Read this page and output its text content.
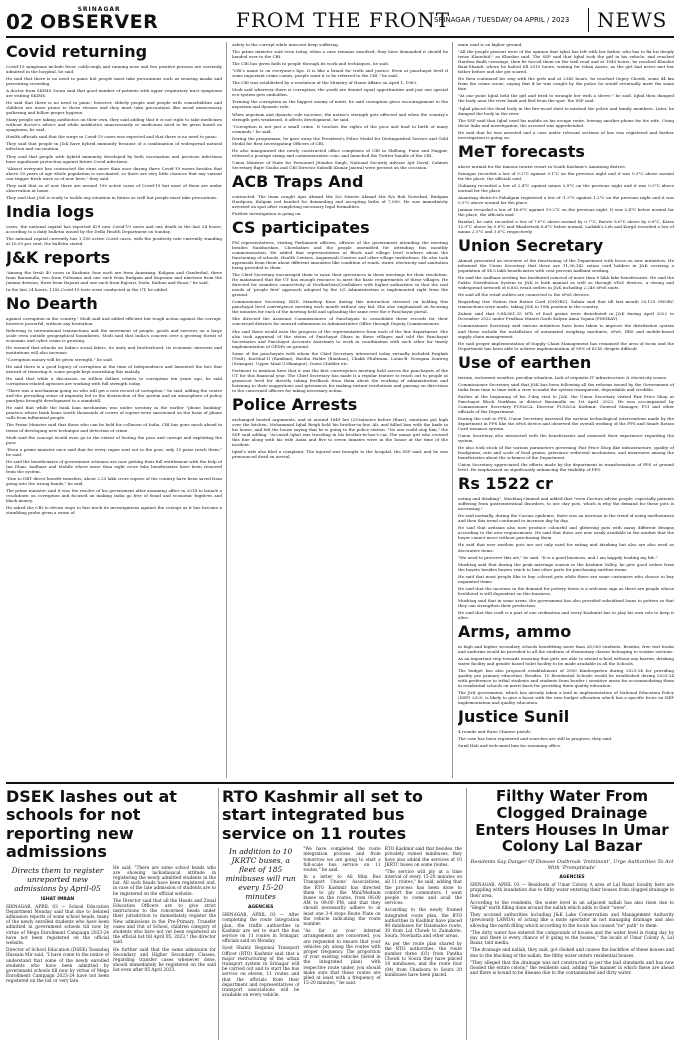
02
SRINAGAR
OBSERVER	FROM THE FRONT
SRINAGAR / TUESDAY/ 04 APRIL / 2023	NEWS
Covid returning

Covid-19 symptoms include fever, cold/cough and running nose and few positive persons are currently admitted in the hospital, he said.

He said that there is no need to panic but people must take precautions such as wearing masks and preventing crowding.

A doctor from SKIMS Soura said that good number of patients with upper respiratory tract symptoms are visiting SKIMS.

He said that there is no need to panic; however, elderly people and people with comorbidities and children are more prone to these viruses and they must take precautions like avoid unnecessary gathering and follow proper hygiene.

Many people are taking antibiotics on their own, they said adding that it is not right to take medicines without doctor's advice and while antibiotics unnecessarily or medicines need to be given based on symptoms, he said.

Health officials said that the surge in Covid-19 cases was expected and that there is no need to panic.

They said that people in J&K have hybrid immunity because of a combination of widespread natural infection and vaccination.

They said that people with hybrid immunity developed by both vaccination and previous infections have significant protection against future Covid infections.

"Almost everyone has contracted the virus more than once during three Covid-19 waves besides that above 18 years of age whole population is vaccinated, so there are very little chances that any variant can trigger fresh wave as of now here," they said.

They said that as of now there are around 190 active cases of Covid-19 but most of them are under observation at home.

They said that J&K is ready to tackle any situation in future as well but people must take precautions.

India logs

cases, the national capital has reported 429 new Covid-19 cases and one death in the last 24 hours, according to a daily bulletin issued by the Delhi Health Department on Sunday.

The national capital currently has 1,180 active Covid cases, with the positivity rate currently standing at 16.09 per cent, the bulletin stated.

J&K reports

"Among the fresh 40 cases in Kashmir, four each are from Anantnag, Kulgam and Ganderbal, three from Baramulla, two from Pulwama and one each from Budgam and Kupwara and nineteen from the Jammu division, three from Rajouri and one each from Rajouri, Doda, Kathua and Reasi," he said.

In the last 24 hours, 1185 Covid-19 tests were conducted in the UT, he added.

No Dearth

against corruption in the country," Modi said and added efficient but tough action against the corrupt, however powerful, without any hesitation.

Referring to international transactions and the movement of people, goods and services on a large scale even outside geographical boundaries, Modi said that India's concern over a growing threat of economic and cyber crime is growing.

He warned that attacks on India's social fabric, its unity and brotherhood, its economic interests and institutions will also increase.

"Corruption money will be given strength," he said.

He said there is a good legacy of corruption at the time of Independence and lamented the fact that instead of removing it, some people kept nourishing this malady.

He said that while a discussion on trillion dollars relates to corruption ten years ago, he said corruption-related agencies are working with full strength today.

"There was a mechanism going on who will get a new record of corruption," he said, adding the centre and the prevailing sense of impunity led to the destruction of the system and an atmosphere of policy paralysis brought development to a standstill.

He said that while the bank loan mechanism was under scrutiny in the earlier "phone banking" practice where bank loans worth thousands of crores of rupees were sanctioned on the basis of phone calls from influential people.

The Prime Minister said that those who can be held for collusion of India, CBI has gone much ahead in terms of developing new technique and detection of crime.

Modi said the concept would even go to the extent of looting the poor and corrupt and exploiting the poor.

"Even a prime minister once said that for every rupee sent out to the poor, only 15 paise reach them," he said.

He said the beneficiaries of government schemes are now getting their full entitlement with the help of Jan Dhan, Aadhaar and Mobile where more than eight crore fake beneficiaries have been removed from the system.

"Due to DBT direct benefit transfers, about 2.25 lakh crore rupees of the country have been saved from going into the wrong hands," he said.

The prime minister said it was the resolve of his government after assuming office in 2014 to launch a crackdown on corruption and focused on making India go free of fraud and economic fugitives and black money.

He asked the CBI to devise ways to fast track its investigations against the corrupt as it has become a stumbling probe given a sense of

safety to the corrupt while innocent keep suffering.

The prime minister said even today, when a case remains unsolved, they have demanded it should be handed over to the CBI.

The CBI has given faith to people through its work and techniques, he said.

"CBI's name is on everyone's lips. It is like a brand for truth and justice. Even at panchayat level if some important crime comes, people want it to be referred to the CBI," he said.

The CBI was established by a resolution of the Ministry of Home Affairs on April 1, 1963.

Modi said wherever there is corruption, the youth are denied equal opportunities and just one special eco-system gets embolden.

Terming the corruption as the biggest enemy of merit, he said corruption gives encouragement to the nepotism and dynastic rule.

When nepotism and dynastic rule increase, the nation's strength gets affected and when the country's strength gets weakened, it affects development, he said.

"Corruption is not just a small crime. It touches the rights of the poor and lead to birth of many criminals," he said.

During the programme, he gave away the President's Police Medal for Distinguished Service and Gold Medal for Best Investigating Officers of CBI.

He also inaugurated the newly constructed office complexes of CBI in Shillong, Pune and Nagpur, released a postage stamp and commemorative coin, and launched the Twitter handle of the CBI.

Union Minister of State for Personnel Jitendra Singh, National Security Advisor Ajit Doval, Cabinet Secretary Rajiv Gauba and CBI Director Subodh Kumar Jaiswal were present on the occasion.

ACB Traps And

contracted. The team caught Ajaz Ahmad Mir S/o Nazeer Ahmad Mir R/o Boh Nowshad, Budgam Hardpora, Kulgam red handed for demanding and accepting bribe of 7,000. He was immediately arrested on spot after completing necessary legal formalities.

Further investigation is going on.

CS participates

PM representatives, visiting Parliament officers, officers of the government attending the meeting besides Nambardars, Chowkidars and the people assembled for attending this monthly commemoration. He added that representatives at Block and village level workers about the functioning of schools, Health Centres, Anganwadi Centres and other village institutions. He also took appraisals from them about different amenities like condition of roads, water, electricity and sanitation being provided to them.

The Chief Secretary encouraged them to raise their grievances in these meetings for their resolution. He maintained that the UT has enough resource to meet the basic requirements of these villages. He directed for seamless connectivity of Northerlists/Cowllakers with higher authorities so that the real needs of 'people first' approach adopted by the LG Administration is implemented right from the ground.

Commissioner Secretary, RDD, Mandeep Kaur during this interaction stressed on holding this panchayat level convergence meeting each month without any fail. She also emphasised on focusing the minutes for each of the meeting held and uploading the same over the e-Panchayat portal.

She directed the Assistant Commissioners of Panchayats to consolidate these records for their concerned districts for onward submission to Administrative Office through Deputy Commissioners.

She said these would ease the progress of the representatives from each of the line department. She also took appraisal of the status of Panchayat Ghars in these villages and told the Panchayat Secretaries and Panchayat Accounts Assistants to work in coordination with each other for timely implementation of GPDPs on ground.

Some of the panchayats with whom the Chief Secretary interacted today virtually included Panjkah (Trali), Kuchhal-II (Ramban), Bastha Haldri (Ramban), Chakh Phulwaan, Lotan-B, Nowgam Sontreg (Srinagar), Upper Maal (Udhampur), Dawa Chidder etc.

Pertinent to mention here that it was the first convergence meeting held across the panchayats of the UT for this financial year. The Chief Secretary has made it a regular feature to reach out to people at grassroot level for directly taking feedback from them about the working of administration and listening to their suggestions and grievances for making instant resolutions and passing on directions to the concerned officers for taking necessary action.

Police Arrests

exchanged heated arguments, and at around 1849 hrs (23-minutes before Iftaar), emotions got high over the kitchen, Mohammad Iqbal Beigh held his brother-in-law, Ali, and killed him with the knife in his house, and left the house saying that he is going to the police station. "No one could stop him," the SSP said adding, "Accused Iqbal was traveling in his brother-in-law's car. The minor girl who crossed this line along with his wife Aziza and five to seven inmates were in the house at the time of the incident.

Iqbal's wife also filed a complaint. The injured was brought to the hospital, the SSP said, and he was pronounced dead on arrival.

main road is on higher ground.

"All the people present were of the opinion that Iqbal has left with her father, who has to fix his deeply tense Khurshid," as Khushie said. The SSP said that Iqbal took the girl in his vehicle, and reached Hardwa Budh crossings, then he forced them on the trail road and at 1945 hours, he reached Khushie Bani-Shandi, where he halted till 2010 hours, waiting for Ishan Anees, as the girl had never met her father before and she got scared.

He then continued his way with the girls and at 2340 hours, he reached Oopey Chowk, some 44 km from the crime scene, saying that if he was caught by the police he would eventually meet the same fate.

"At one point Iqbal held the girl and tried to strangle her with a sleeve," he said. Iqbal then dumped the body near the river bank and fled from the spot, the SSP said.

"Iqbal placed the dead body in the fire-wood shed to mislead the police and family members. Later, he dumped the body in the river.

The SSP said that Iqbal used his mobile as his escape route, leaving another phone for his wife. Using these links and investigation, the accused was apprehended.

He said that he was arrested and a case under relevant sections of law was registered and further investigation is going on.

MeT forecasts

above normal for the famous tourist resort in South Kashmir's Anantnag district.

Srinagar recorded a low of 5.2°C against 5.1°C on the previous night and it was 0.3°C above normal for the place, the officials said.

Gulmarg recorded a low of 2.4°C against minus 3.8°C on the previous night and it was 0.5°C above normal for the place.

Anantnag district's Pahalgam registered a low of -1.3°C against 1.2°C on the previous night and it was 0.5°C above normal for the place.

Jammu recorded a low of 16.6°C against 19.2°C on the previous night. It was 0.4°C below normal for the place, the officials said.

Banihal, he said, recorded a low of 7.8°C above normal by 0.7°C, Batote 8.6°C above by 0.8°C, Katra 12.9°C above by 0.8°C and Bhaderwah 6.6°C below normal, Ladakh's Leh and Kargil recorded a low of minus 2.5°C and 3.6°C respectively.

Union Secretary

Ahmad presented an overview of the functioning of the Department with focus on new initiatives. He informed the Union Secretary that there are 11,06,142 ration card holders in J&K covering a population of 94.5 lakh beneficiaries with cent percent Aadhaar seeding.

He said the Aadhaar seeding has facilitated removal of more than 8 lakh fake beneficiaries. He said the Public Distribution System in J&K is both manual as well as through ePoS devices, a strong and widespread network of 6,802 retail outlets in J&K including 2,240 ePoS units.

He said all the retail outlets are connected to the ePoS devices.

Regarding One Nation One Ration Card (ONORC), Zubair said that till last month 20,125 ONORC transactions were made, taking J&K to 10th position in the country.

Zubair said that 9,84,861.35 MTs of food grains were distributed in J&K during April 2022 to December 2022 under Pradhan Mantri Garib Kalyan Anna Yojana (PMGKAY).

Commissioner Secretary said various initiatives have been taken to improve the distribution system and these include the installation of automated weighing machines, ePoS, IRIS and mobile-based supply chain management.

He said proper implementation of Supply Chain Management has remained the area of focus and the Department has been able to achieve implementation of 90% of SCM, despite difficult

Use of earthen

terrain, inclement weather, peculiar situation, lack of requisite IT infrastructure & electricity issues.

Commissioner Secretary said that J&K has been following all the reforms issued by the Government of India from time to time with a view to make the system transparent, dependable and credible.

Earlier at the beginning of his 3-day visit to J&K, the Union Secretary visited Fair Price Shop at Panchayat Block Nurkhan in district Baramulla on 1st April, 2023. He was accompanied by Commissioner Secretary FCS&CA, Director FCS&CA Kashmir, General Manager, FCI and other officials of the Department.

During the visit to FPS, Union Secretary assessed the various technological interventions made by the department in FPS like the ePoS device and observed the overall working of the FPS and Smart Ration Card issuance system.

Union Secretary also interacted with the beneficiaries and assessed their experience regarding the system.

He also took stock of the various parameters governing Fair Price Shop like infrastructure, quality of foodgrains, rate and scale of food grains, grievance redressal mechanism, and awareness among the beneficiaries about the schemes of the Department.

Union Secretary appreciated the efforts made by the department in transformation of FPS at ground level. He emphasized on significantly enhancing the visibility of FPS.

Rs 1522 cr

eating and drinking", Mushtaq claimed and added that "even Doctors advise people, especially patients suffering from gastrointestinal disorders, to use clay pots, which is why the demand for these pots is increasing."

He said normally, during the Corona epidemic, there was an increase in the trend of using earthenware and then this trend continued to increase day by day.

He said that artisans also now produce colourful and glittering pots with many different designs according to the new requirements. He said that these are now easily available in the market that the buyer cannot move without purchasing them.

He said that new earthen pots are not only used for eating and drinking but also are also used as decorative items.

"We need to preserve this art," he said. "It is a good business, and I am happily leading my life."

Mushtaq said that during the peak marriage season in the Kashmir Valley, he gets good orders from the buyers besides buyers reach to him other parts for purchasing earthen items.

He said that most people like to buy colored pots while there are some customers who choose to buy unpainted items.

He said that the increase in the demand for pottery items is a welcome sign as there are people whose livelihood is still dependent on this business.

Mushtaq said that in some areas, the government has also provided subsidised loans to potters so that they can strengthen their production.

He said that this craft is a part of our civilization and every Kashmiri has to play his own role to keep it alive.

Arms, ammo

in high and higher secondary schools benefitting more than 26,000 students. Besides, free text books and uniforms would be provided to all the students of elementary classes belonging to weaker sections.

As an important step towards ensuring that girls are able to attend school without any barrier, drinking water facility and gender based toilet facility to be made available in all the Schools.

The budget has also proposed establishment of 2000 Kindergarten during 2023-24 for providing quality pre primary education. Besides, 10 Residential Schools would be established during 2023-24 with preference to tribal students and students from border / sensitive areas for accommodating them in residential schools on merit basis for providing them quality education.

The J&K government, which has already taken a lead in implementation of National Education Policy (NEP) 2020, is likely to give a boost with the new budget allocation which has a specific focus on NEP implementation and quality education.

Justice Sunil

4 rounds and three Chinese pistols.

The case has been registered and searches are still in progress, they said.

Sunil Hali and welcomed him for assuming office.

DSEK lashes out at schools for not reporting new admissions
Directs them to register unreported new admissions by April-05
ISHAT IMRAN

SRINAGAR, APRIL 03 — School Education Department Monday said that due to belated admission reports of some school heads, many of the newly enrolled students who have been admitted in government schools till now by virtue of Mega Enrollment Campaign 2023-24 have not been registered on the official website.

Director of School Education (DSEK) Tassaduq Hussain Mir said, "I have come to the notice of understand that some of the newly enrolled students who have been admitted by government schools till now by virtue of Mega Enrollment Campaign 2023-24 have not been registered on the list or very late.

He said, "There are some school heads who are showing lackadaisical attitude in registering the newly admitted students in the list. All such heads have been registered and, in case of the late admission of students are to be registered on the official website.

The Director said that all the Heads and Zonal Education Officers are to give strict instructions to the concerned heads under their jurisdiction to immediately register the New admissions in the Pre-Primary, Transfer cases and Out of School, children category of students who have not yet been registered on the official list till April 05, 2023," the director said.

He further said that the same admission for Secondary and Higher Secondary Classes, regarding transfer cases whenever done, should immediately be registered on the said list even after 05 April 2023.

RTO Kashmir all set to start integrated bus service on 11 routes
In addition to 10 JKRTC buses, a fleet of 185 minibuses will run every 15-20 minutes
AGENCIES

SRINAGAR, APRIL 03 — After completing the route integration plan, the traffic authorities in Kashmir are set to start the bus service on 11 routes in Srinagar, officials said on Monday.

Syed Shabir, Regional Transport Officer (RTO) Kashmir said that a major restructuring of the urban transport system in Srinagar will be carried out and to start the bus service on eleven, 11 routes and that the officials from their department and representatives of transport associations will be available on every vehicle.

"We have completed the route integration process and from tomorrow we are going to start a full-scale bus service on 11 routes," he said.

In a letter to All Mini Bus Transport Unions' Associations, the RTO Kashmir has directed them to ply the Mini/Medium buses on the routes, from 06:00 AM to 09:00 PM, and that they should necessarily adhere to at least one 3-4 stops Route Plate on the vehicle indicating the route number.

"As far as your internal arrangements are concerned, you are requested to ensure that your vehicles ply along the routes with proper frequency. The proportion of your existing vehicles (listed in the integrated plan) with respective route under, you should make sure that these routes are plied at least with a frequency of 15-20 minutes," he said.

RTO Kashmir said that besides, the privately owned minibuses, they have also added the services of 10 JKRTC buses on some routes.

"The service will ply at a time interval of every 15-20 minutes on all 11 routes," he said, adding that the process has been done to comfort the commuters. I want people to come and avail the services.

According to the newly framed integrated route plan, the RTO authorities in Kashmir have placed 40 minibuses for Batamaloo route, 30 from Lal Chowk to Zainakote, Soura, Nowhatta and other areas.

As per the route plan shared by the RTO authorities, the route number three (03) from Pantha Chowk to Soura they have placed 18 minibuses, and the route four (04) from Chadoora to Soura 20 minibuses have been placed.

Filthy Water From Clogged Drainage Enters Houses In Umar Colony Lal Bazar
Residents Say Danger Of Disease Outbreak ‘Imminent’, Urge Authorities To Act With ‘Promptitude’
AGENCIES

SRINAGAR, APRIL 03 — Residents of Umar Colony A area of Lal Bazar locality here are grappling with inundation due to filthy water entering their houses from clogged drainage in their area.

According to the residents, the water level in an adjacent nallah has also risen due to "illegal" earth filling done around the nallah which adds to their "woes".

They accused authorities including J&K Lake Conservation and Management Authority (previously LAWDA) of acting like a mute spectator in not managing drainage and also allowing the earth filling which according to the locals has caused "no" path" to them.

"The dirty water has entered the compounds of houses and the water level is rising day by day and there is every chance of it going to the houses," the locals of Umar Colony A, Lal Bazar, told media.

"The drainage and nallah, they said, got choked and causes the backflow of these houses and due to the blocking of the nallah, the filthy water enters residential houses.

"They alleged that the drainage was not constructed as per the laid standards and has now flooded the entire colony," the residents said, adding "the manner in which these are ahead and there is bound to be disease due to the contaminated and dirty water.
